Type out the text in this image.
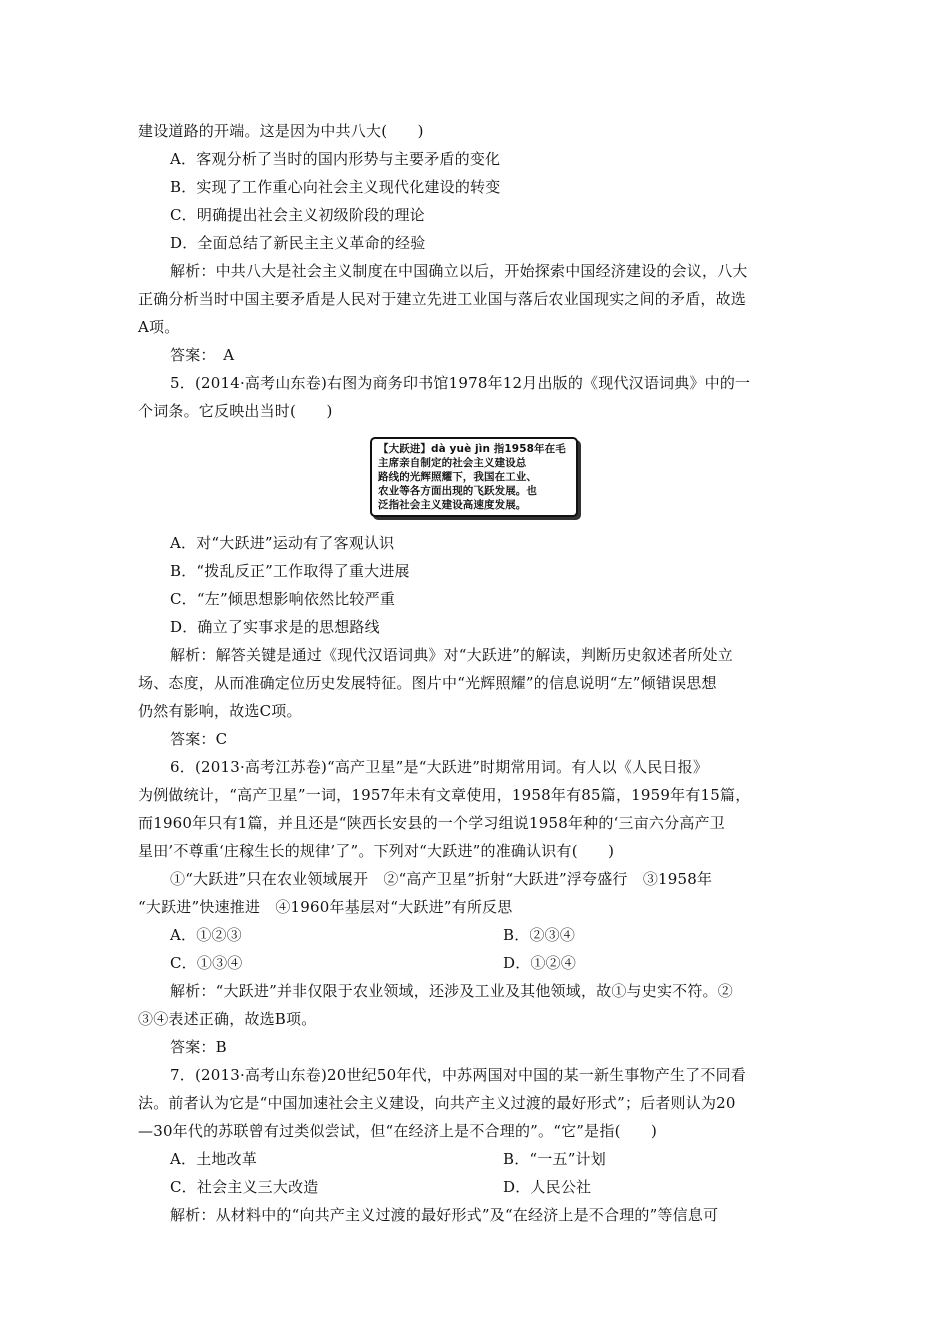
建设道路的开端。这是因为中共八大(　　)
A．客观分析了当时的国内形势与主要矛盾的变化
B．实现了工作重心向社会主义现代化建设的转变
C．明确提出社会主义初级阶段的理论
D．全面总结了新民主主义革命的经验
解析：中共八大是社会主义制度在中国确立以后，开始探索中国经济建设的会议，八大
正确分析当时中国主要矛盾是人民对于建立先进工业国与落后农业国现实之间的矛盾，故选
A项。
答案：　A
5．(2014·高考山东卷)右图为商务印书馆1978年12月出版的《现代汉语词典》中的一
个词条。它反映出当时(　　)
【大跃进】dà yuè jìn 指1958年在毛
主席亲自制定的社会主义建设总
路线的光辉照耀下，我国在工业、
农业等各方面出现的飞跃发展。也
泛指社会主义建设高速度发展。
A．对“大跃进”运动有了客观认识
B．“拨乱反正”工作取得了重大进展
C．“左”倾思想影响依然比较严重
D．确立了实事求是的思想路线
解析：解答关键是通过《现代汉语词典》对“大跃进”的解读，判断历史叙述者所处立
场、态度，从而准确定位历史发展特征。图片中“光辉照耀”的信息说明“左”倾错误思想
仍然有影响，故选C项。
答案：C
6．(2013·高考江苏卷)“高产卫星”是“大跃进”时期常用词。有人以《人民日报》
为例做统计，“高产卫星”一词，1957年未有文章使用，1958年有85篇，1959年有15篇，
而1960年只有1篇，并且还是“陕西长安县的一个学习组说1958年种的‘三亩六分高产卫
星田’不尊重‘庄稼生长的规律’了”。下列对“大跃进”的准确认识有(　　)
①“大跃进”只在农业领域展开　②“高产卫星”折射“大跃进”浮夸盛行　③1958年
“大跃进”快速推进　④1960年基层对“大跃进”有所反思
A．①②③	B．②③④
C．①③④	D．①②④
解析：“大跃进”并非仅限于农业领域，还涉及工业及其他领域，故①与史实不符。②
③④表述正确，故选B项。
答案：B
7．(2013·高考山东卷)20世纪50年代，中苏两国对中国的某一新生事物产生了不同看
法。前者认为它是“中国加速社会主义建设，向共产主义过渡的最好形式”；后者则认为20
—30年代的苏联曾有过类似尝试，但“在经济上是不合理的”。“它”是指(　　)
A．土地改革	B．“一五”计划
C．社会主义三大改造	D．人民公社
解析：从材料中的“向共产主义过渡的最好形式”及“在经济上是不合理的”等信息可
